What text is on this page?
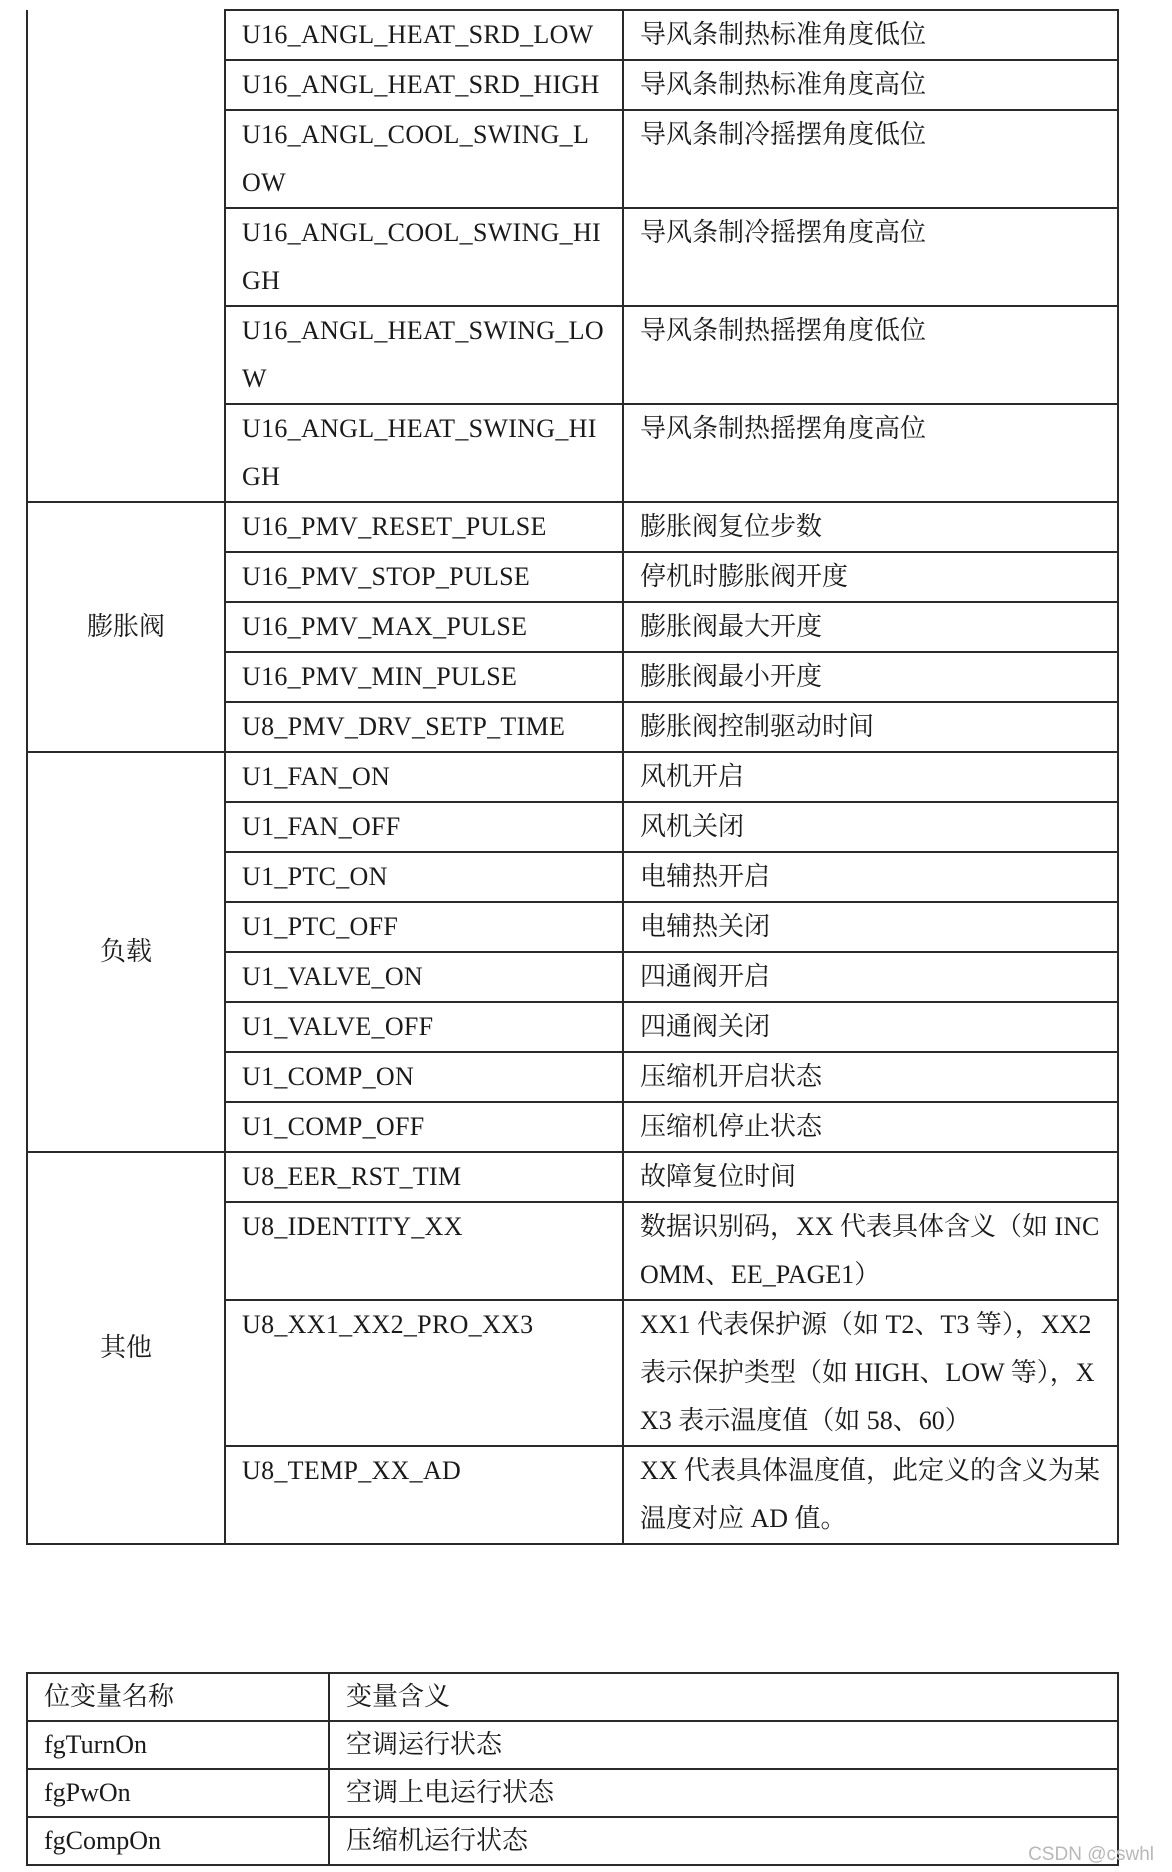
	U16_ANGL_HEAT_SRD_LOW	导风条制热标准角度低位
	U16_ANGL_HEAT_SRD_HIGH	导风条制热标准角度高位
	U16_ANGL_COOL_SWING_LOW	导风条制冷摇摆角度低位
	U16_ANGL_COOL_SWING_HIGH	导风条制冷摇摆角度高位
	U16_ANGL_HEAT_SWING_LOW	导风条制热摇摆角度低位
	U16_ANGL_HEAT_SWING_HIGH	导风条制热摇摆角度高位
膨胀阀	U16_PMV_RESET_PULSE	膨胀阀复位步数
	U16_PMV_STOP_PULSE	停机时膨胀阀开度
	U16_PMV_MAX_PULSE	膨胀阀最大开度
	U16_PMV_MIN_PULSE	膨胀阀最小开度
	U8_PMV_DRV_SETP_TIME	膨胀阀控制驱动时间
负载	U1_FAN_ON	风机开启
	U1_FAN_OFF	风机关闭
	U1_PTC_ON	电辅热开启
	U1_PTC_OFF	电辅热关闭
	U1_VALVE_ON	四通阀开启
	U1_VALVE_OFF	四通阀关闭
	U1_COMP_ON	压缩机开启状态
	U1_COMP_OFF	压缩机停止状态
其他	U8_EER_RST_TIM	故障复位时间
	U8_IDENTITY_XX	数据识别码，XX 代表具体含义（如 INCOMM、EE_PAGE1）
	U8_XX1_XX2_PRO_XX3	XX1 代表保护源（如 T2、T3 等），XX2 表示保护类型（如 HIGH、LOW 等），XX3 表示温度值（如 58、60）
	U8_TEMP_XX_AD	XX 代表具体温度值，此定义的含义为某温度对应 AD 值。
位变量名称	变量含义
fgTurnOn	空调运行状态
fgPwOn	空调上电运行状态
fgCompOn	压缩机运行状态	CSDN @cswhl
